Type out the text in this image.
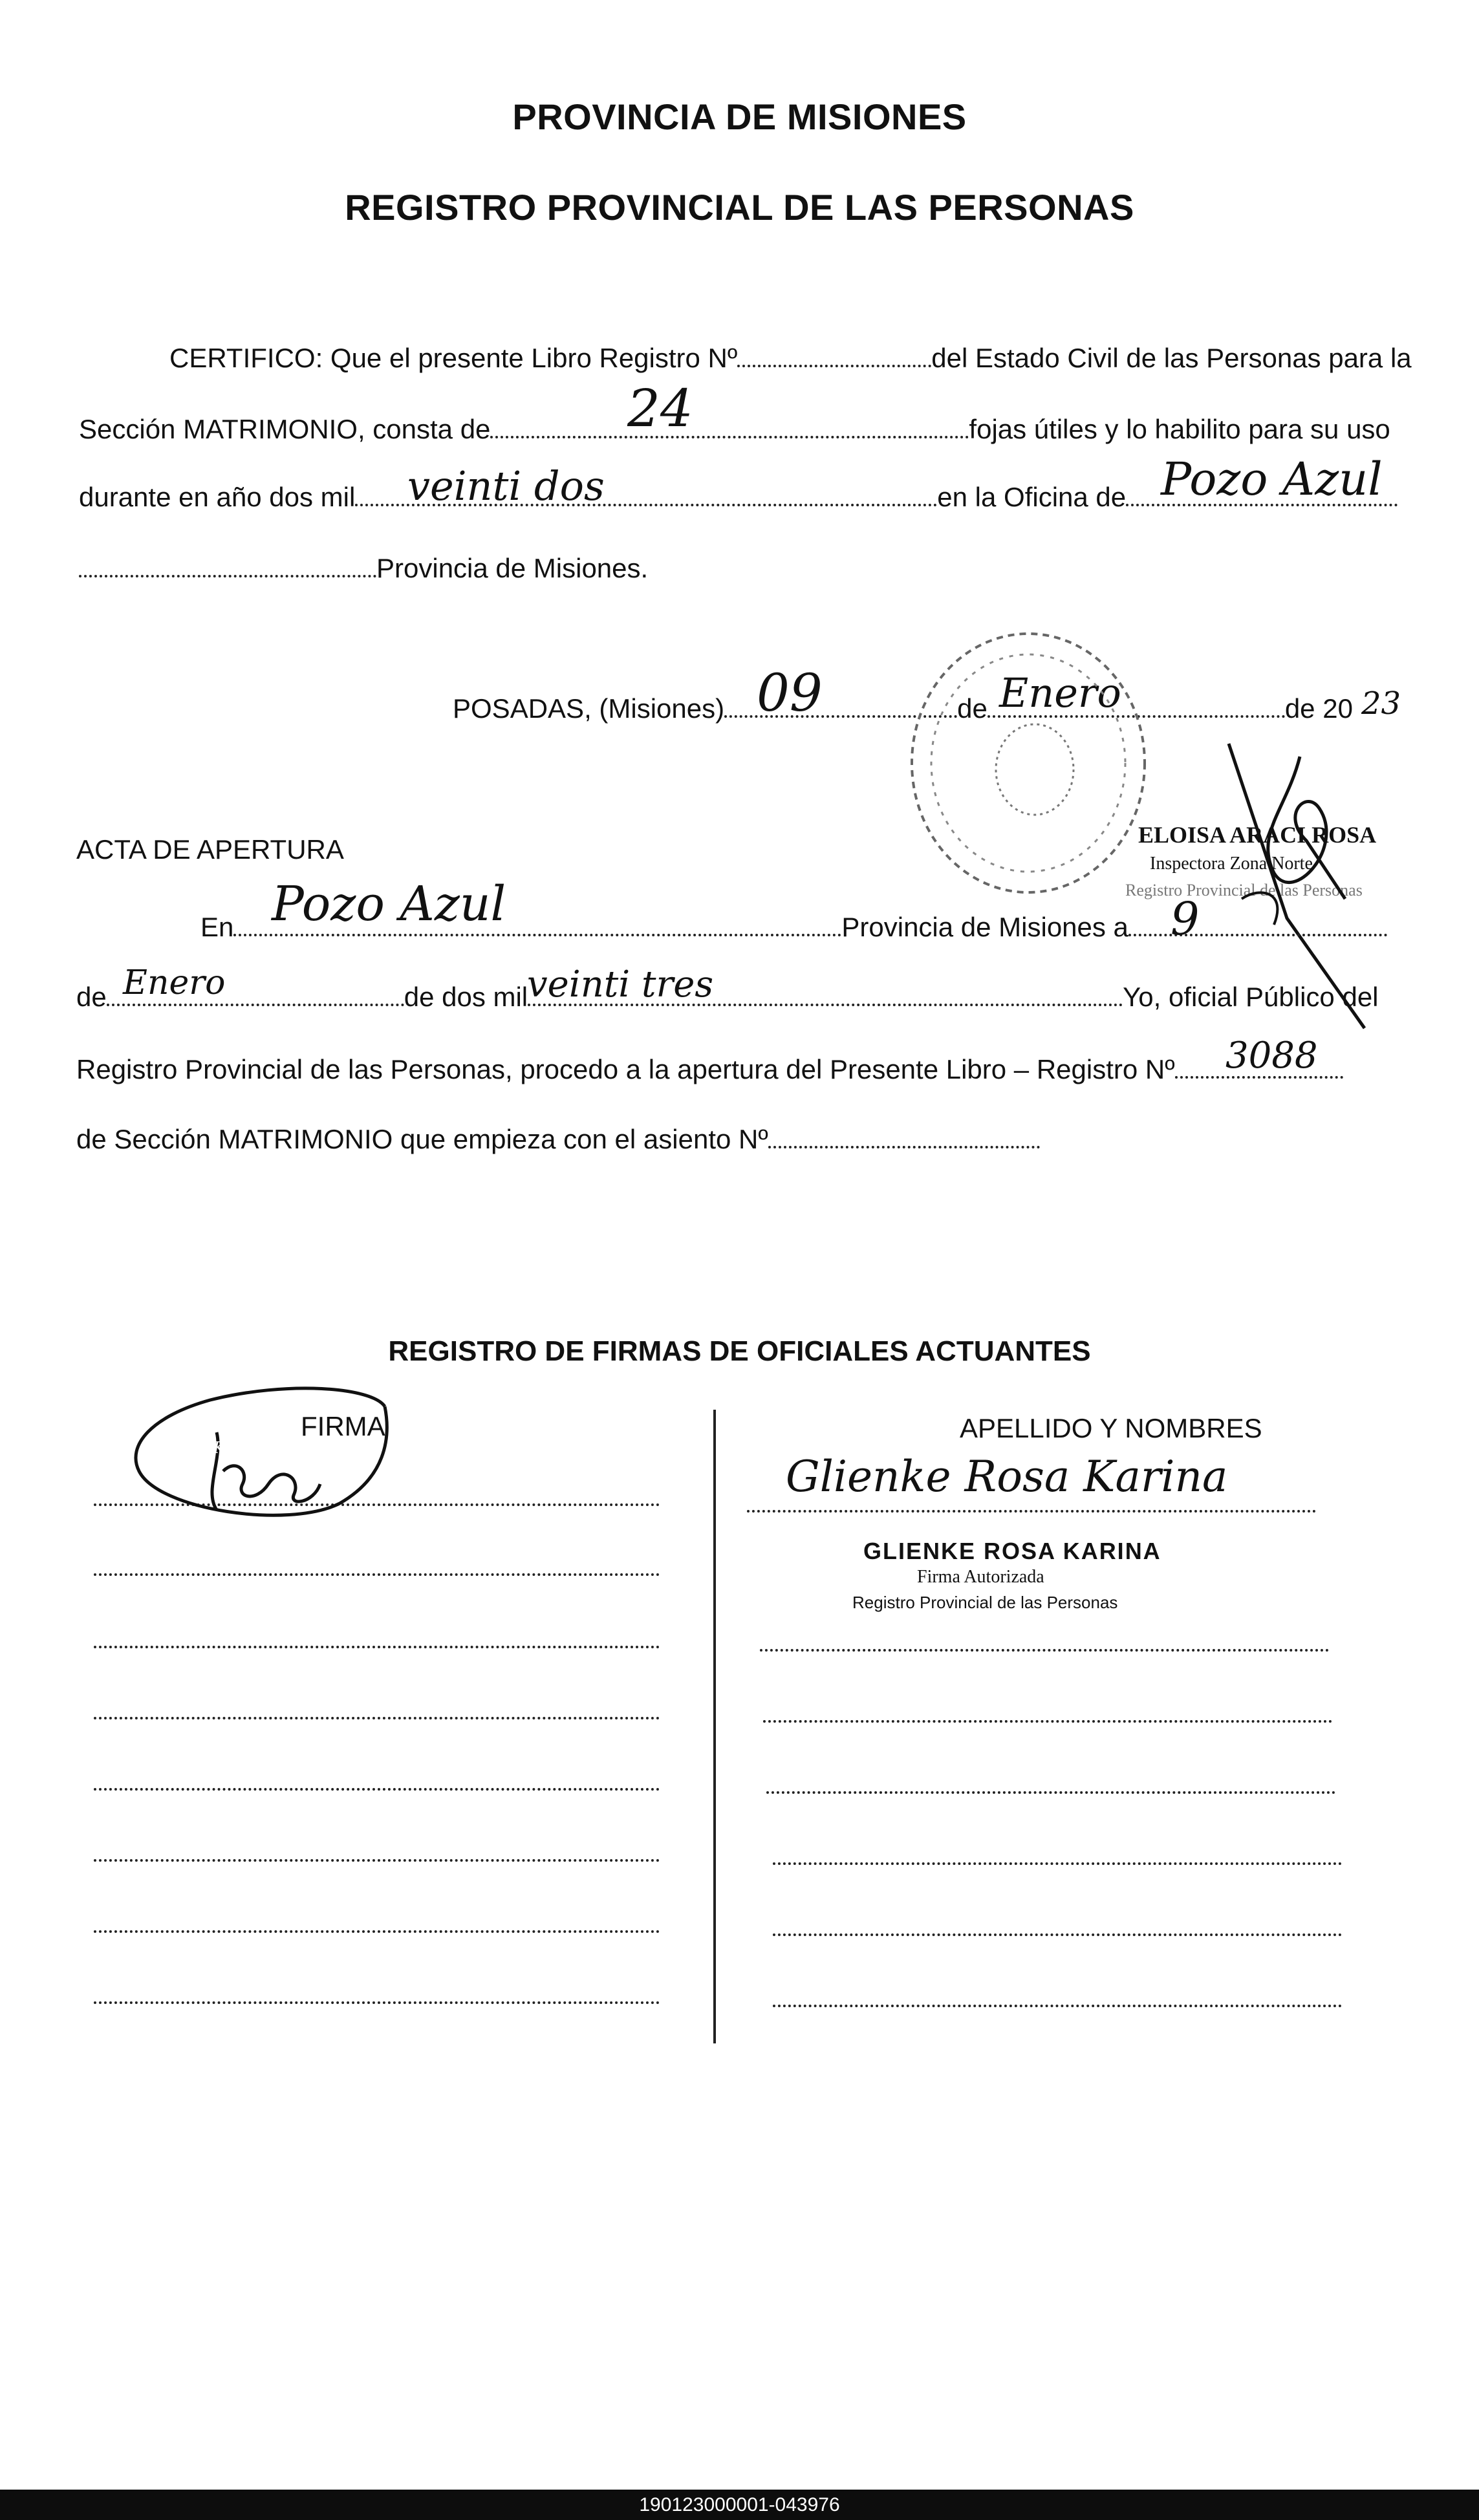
PROVINCIA DE MISIONES
REGISTRO PROVINCIAL DE LAS PERSONAS
CERTIFICO: Que el presente Libro Registro Nº	del Estado Civil de las Personas para la
Sección MATRIMONIO, consta de	fojas útiles y lo habilito para su uso
24
durante en año dos mil	en la Oficina de
veinti dos	Pozo Azul
Provincia de Misiones.
POSADAS, (Misiones)	de	de 20
09	Enero	23
ELOISA ARACI ROSA
Inspectora Zona Norte
Registro Provincial de las Personas
ACTA DE APERTURA
En	Provincia de Misiones a
Pozo Azul	9
de	de dos mil	Yo, oficial Público del
Enero	veinti tres
Registro Provincial de las Personas, procedo a la apertura del Presente Libro – Registro Nº	3088
de Sección MATRIMONIO que empieza con el asiento Nº
REGISTRO DE FIRMAS DE OFICIALES ACTUANTES
FIRMA	APELLIDO Y NOMBRES
Kro
Glienke Rosa Karina
GLIENKE ROSA KARINA
Firma Autorizada
Registro Provincial de las Personas
190123000001-043976
